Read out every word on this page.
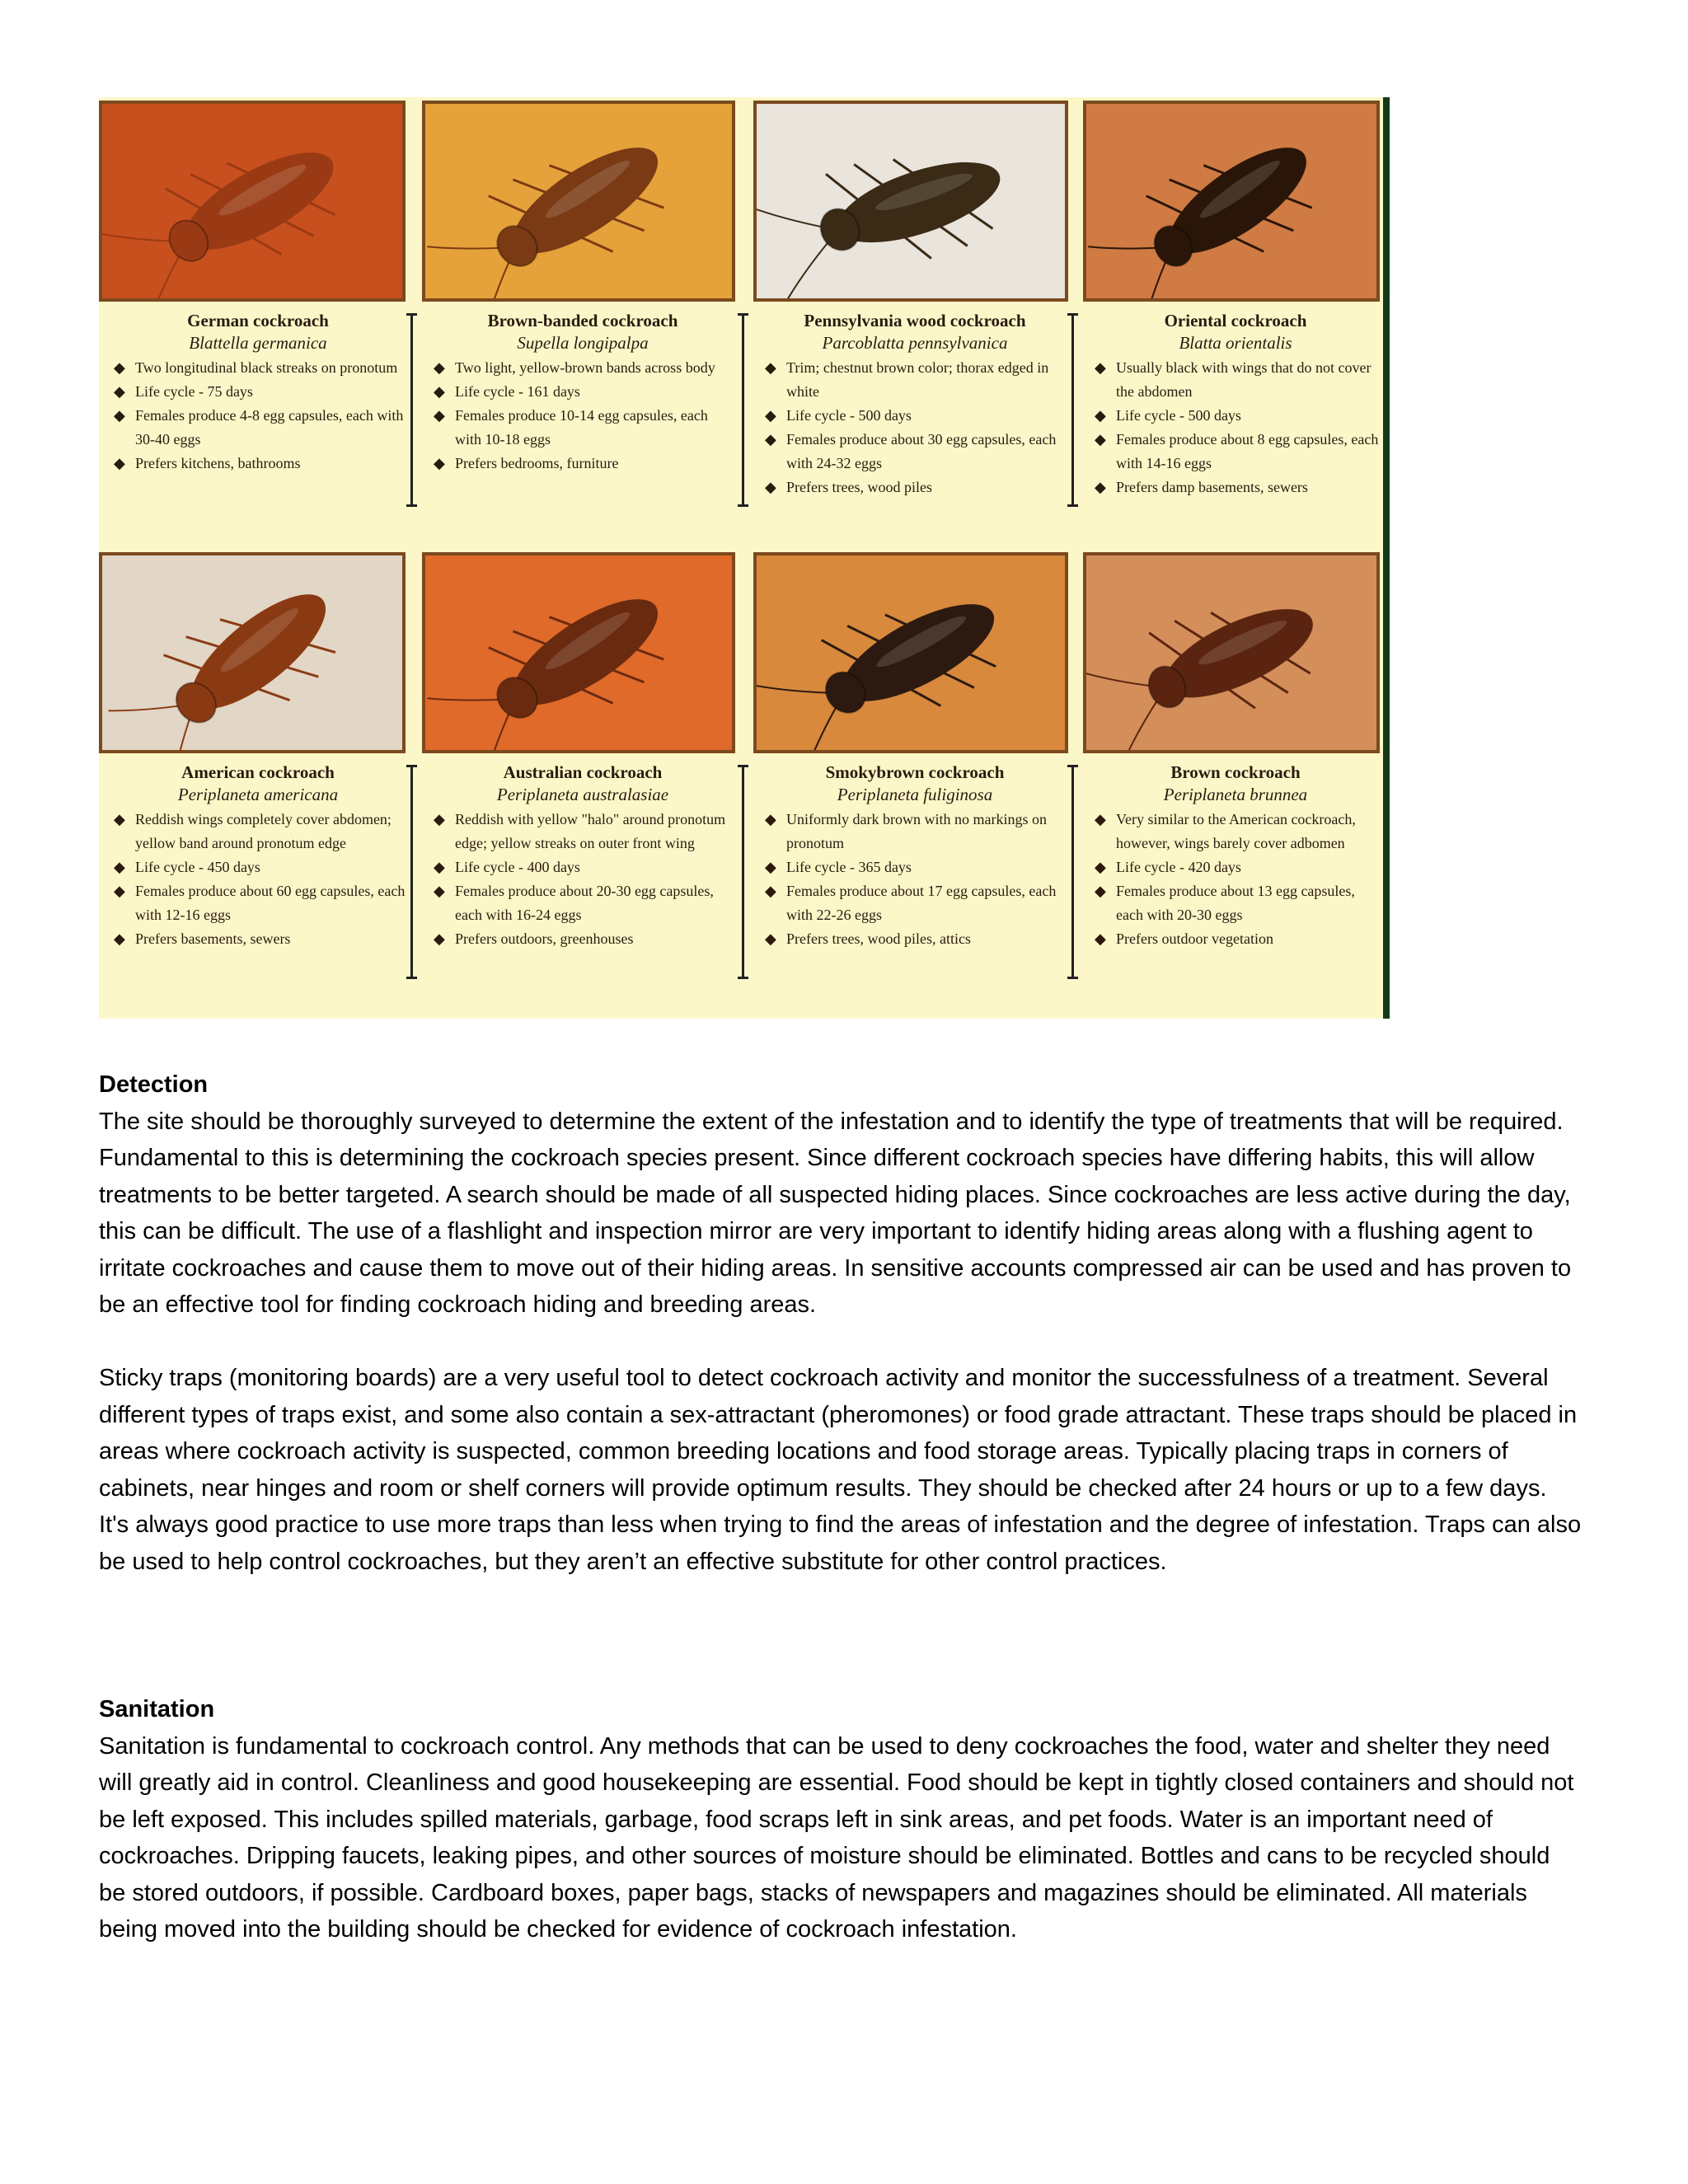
German cockroach
Blattella germanica
◆ Two longitudinal black streaks on pronotum
◆ Life cycle - 75 days
◆ Females produce 4-8 egg capsules, each with 30-40 eggs
◆ Prefers kitchens, bathrooms
Brown-banded cockroach
Supella longipalpa
◆ Two light, yellow-brown bands across body
◆ Life cycle - 161 days
◆ Females produce 10-14 egg capsules, each with 10-18 eggs
◆ Prefers bedrooms, furniture
Pennsylvania wood cockroach
Parcoblatta pennsylvanica
◆ Trim; chestnut brown color; thorax edged in white
◆ Life cycle - 500 days
◆ Females produce about 30 egg capsules, each with 24-32 eggs
◆ Prefers trees, wood piles
Oriental cockroach
Blatta orientalis
◆ Usually black with wings that do not cover the abdomen
◆ Life cycle - 500 days
◆ Females produce about 8 egg capsules, each with 14-16 eggs
◆ Prefers damp basements, sewers
American cockroach
Periplaneta americana
◆ Reddish wings completely cover abdomen; yellow band around pronotum edge
◆ Life cycle - 450 days
◆ Females produce about 60 egg capsules, each with 12-16 eggs
◆ Prefers basements, sewers
Australian cockroach
Periplaneta australasiae
◆ Reddish with yellow "halo" around pronotum edge; yellow streaks on outer front wing
◆ Life cycle - 400 days
◆ Females produce about 20-30 egg capsules, each with 16-24 eggs
◆ Prefers outdoors, greenhouses
Smokybrown cockroach
Periplaneta fuliginosa
◆ Uniformly dark brown with no markings on pronotum
◆ Life cycle - 365 days
◆ Females produce about 17 egg capsules, each with 22-26 eggs
◆ Prefers trees, wood piles, attics
Brown cockroach
Periplaneta brunnea
◆ Very similar to the American cockroach, however, wings barely cover adbomen
◆ Life cycle - 420 days
◆ Females produce about 13 egg capsules, each with 20-30 eggs
◆ Prefers outdoor vegetation
Detection

The site should be thoroughly surveyed to determine the extent of the infestation and to identify the type of treatments that will be required. Fundamental to this is determining the cockroach species present. Since different cockroach species have differing habits, this will allow treatments to be better targeted. A search should be made of all suspected hiding places. Since cockroaches are less active during the day, this can be difficult. The use of a flashlight and inspection mirror are very important to identify hiding areas along with a flushing agent to irritate cockroaches and cause them to move out of their hiding areas. In sensitive accounts compressed air can be used and has proven to be an effective tool for finding cockroach hiding and breeding areas.

Sticky traps (monitoring boards) are a very useful tool to detect cockroach activity and monitor the successfulness of a treatment. Several different types of traps exist, and some also contain a sex-attractant (pheromones) or food grade attractant. These traps should be placed in areas where cockroach activity is suspected, common breeding locations and food storage areas. Typically placing traps in corners of cabinets, near hinges and room or shelf corners will provide optimum results. They should be checked after 24 hours or up to a few days. It's always good practice to use more traps than less when trying to find the areas of infestation and the degree of infestation. Traps can also be used to help control cockroaches, but they aren’t an effective substitute for other control practices.

Sanitation

Sanitation is fundamental to cockroach control. Any methods that can be used to deny cockroaches the food, water and shelter they need will greatly aid in control. Cleanliness and good housekeeping are essential. Food should be kept in tightly closed containers and should not be left exposed. This includes spilled materials, garbage, food scraps left in sink areas, and pet foods. Water is an important need of cockroaches. Dripping faucets, leaking pipes, and other sources of moisture should be eliminated. Bottles and cans to be recycled should be stored outdoors, if possible. Cardboard boxes, paper bags, stacks of newspapers and magazines should be eliminated. All materials being moved into the building should be checked for evidence of cockroach infestation.
